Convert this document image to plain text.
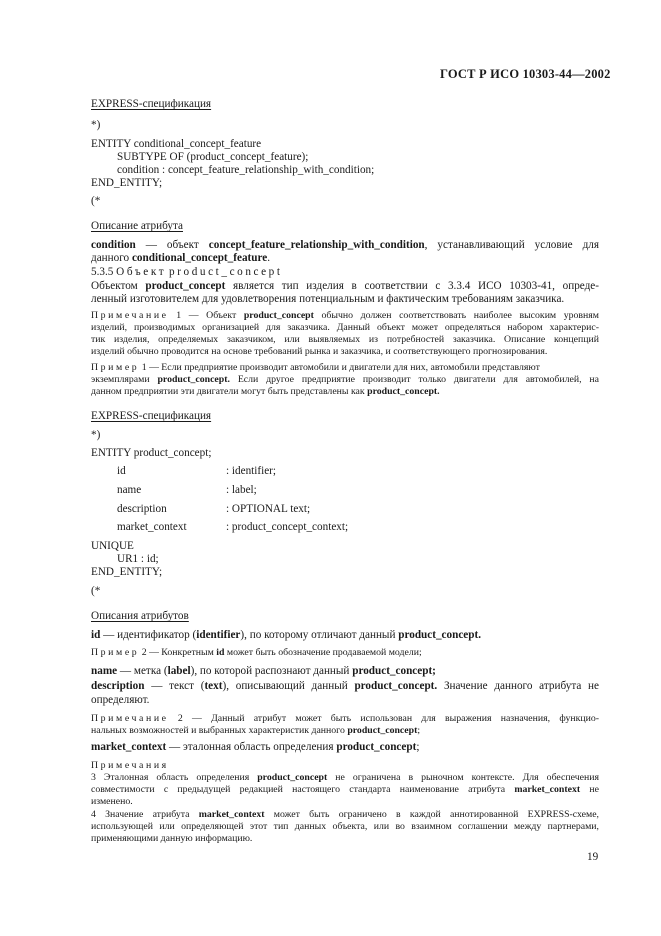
ГОСТ Р ИСО 10303-44—2002
EXPRESS-спецификация
*)
ENTITY conditional_concept_feature
SUBTYPE OF (product_concept_feature);
condition : concept_feature_relationship_with_condition;
END_ENTITY;
(*
Описание атрибута
condition — объект concept_feature_relationship_with_condition, устанавливающий условие для
данного conditional_concept_feature.
5.3.5 Объект product_concept
Объектом product_concept является тип изделия в соответствии с 3.3.4 ИСО 10303-41, опреде-
ленный изготовителем для удовлетворения потенциальным и фактическим требованиям заказчика.
Примечание 1 — Объект product_concept обычно должен соответствовать наиболее высоким уровням
изделий, производимых организацией для заказчика. Данный объект может определяться набором характерис-
тик изделия, определяемых заказчиком, или выявляемых из потребностей заказчика. Описание концепций
изделий обычно проводится на основе требований рынка и заказчика, и соответствующего прогнозирования.
Пример 1 — Если предприятие производит автомобили и двигатели для них, автомобили представляют
экземплярами product_concept. Если другое предприятие производит только двигатели для автомобилей, на
данном предприятии эти двигатели могут быть представлены как product_concept.
EXPRESS-спецификация
*)
ENTITY product_concept;
id	: identifier;
name	: label;
description	: OPTIONAL text;
market_context	: product_concept_context;
UNIQUE
UR1 : id;
END_ENTITY;
(*
Описания атрибутов
id — идентификатор (identifier), по которому отличают данный product_concept.
Пример 2 — Конкретным id может быть обозначение продаваемой модели;
name — метка (label), по которой распознают данный product_concept;
description — текст (text), описывающий данный product_concept. Значение данного атрибута не
определяют.
Примечание 2 — Данный атрибут может быть использован для выражения назначения, функцио-
нальных возможностей и выбранных характеристик данного product_concept;
market_context — эталонная область определения product_concept;
Примечания
3 Эталонная область определения product_concept не ограничена в рыночном контексте. Для обеспечения
совместимости с предыдущей редакцией настоящего стандарта наименование атрибута market_context не
изменено.
4 Значение атрибута market_context может быть ограничено в каждой аннотированной EXPRESS-схеме,
использующей или определяющей этот тип данных объекта, или во взаимном соглашении между партнерами,
применяющими данную информацию.
19
